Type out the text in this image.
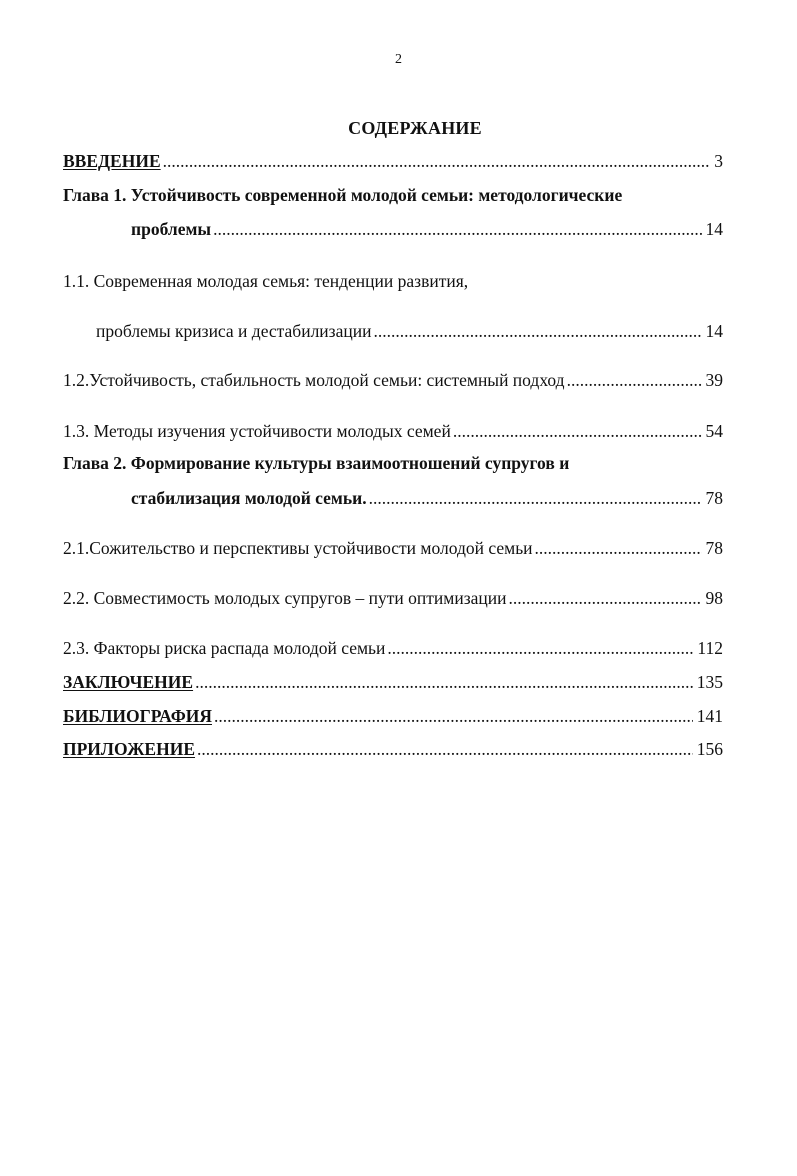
2
СОДЕРЖАНИЕ
ВВЕДЕНИЕ .....	3
Глава 1. Устойчивость современной молодой семьи: методологические
проблемы .....	14
1.1. Современная молодая семья: тенденции развития,
проблемы кризиса и дестабилизации .....	14
1.2.Устойчивость, стабильность молодой семьи: системный подход .....	39
1.3. Методы изучения устойчивости молодых семей .....	54
Глава 2. Формирование культуры взаимоотношений супругов и
стабилизация молодой семьи. .....	78
2.1.Сожительство и перспективы устойчивости молодой семьи .....	78
2.2. Совместимость молодых супругов – пути оптимизации .....	98
2.3. Факторы риска распада молодой семьи .....	112
ЗАКЛЮЧЕНИЕ .....	135
БИБЛИОГРАФИЯ .....	141
ПРИЛОЖЕНИЕ .....	156
